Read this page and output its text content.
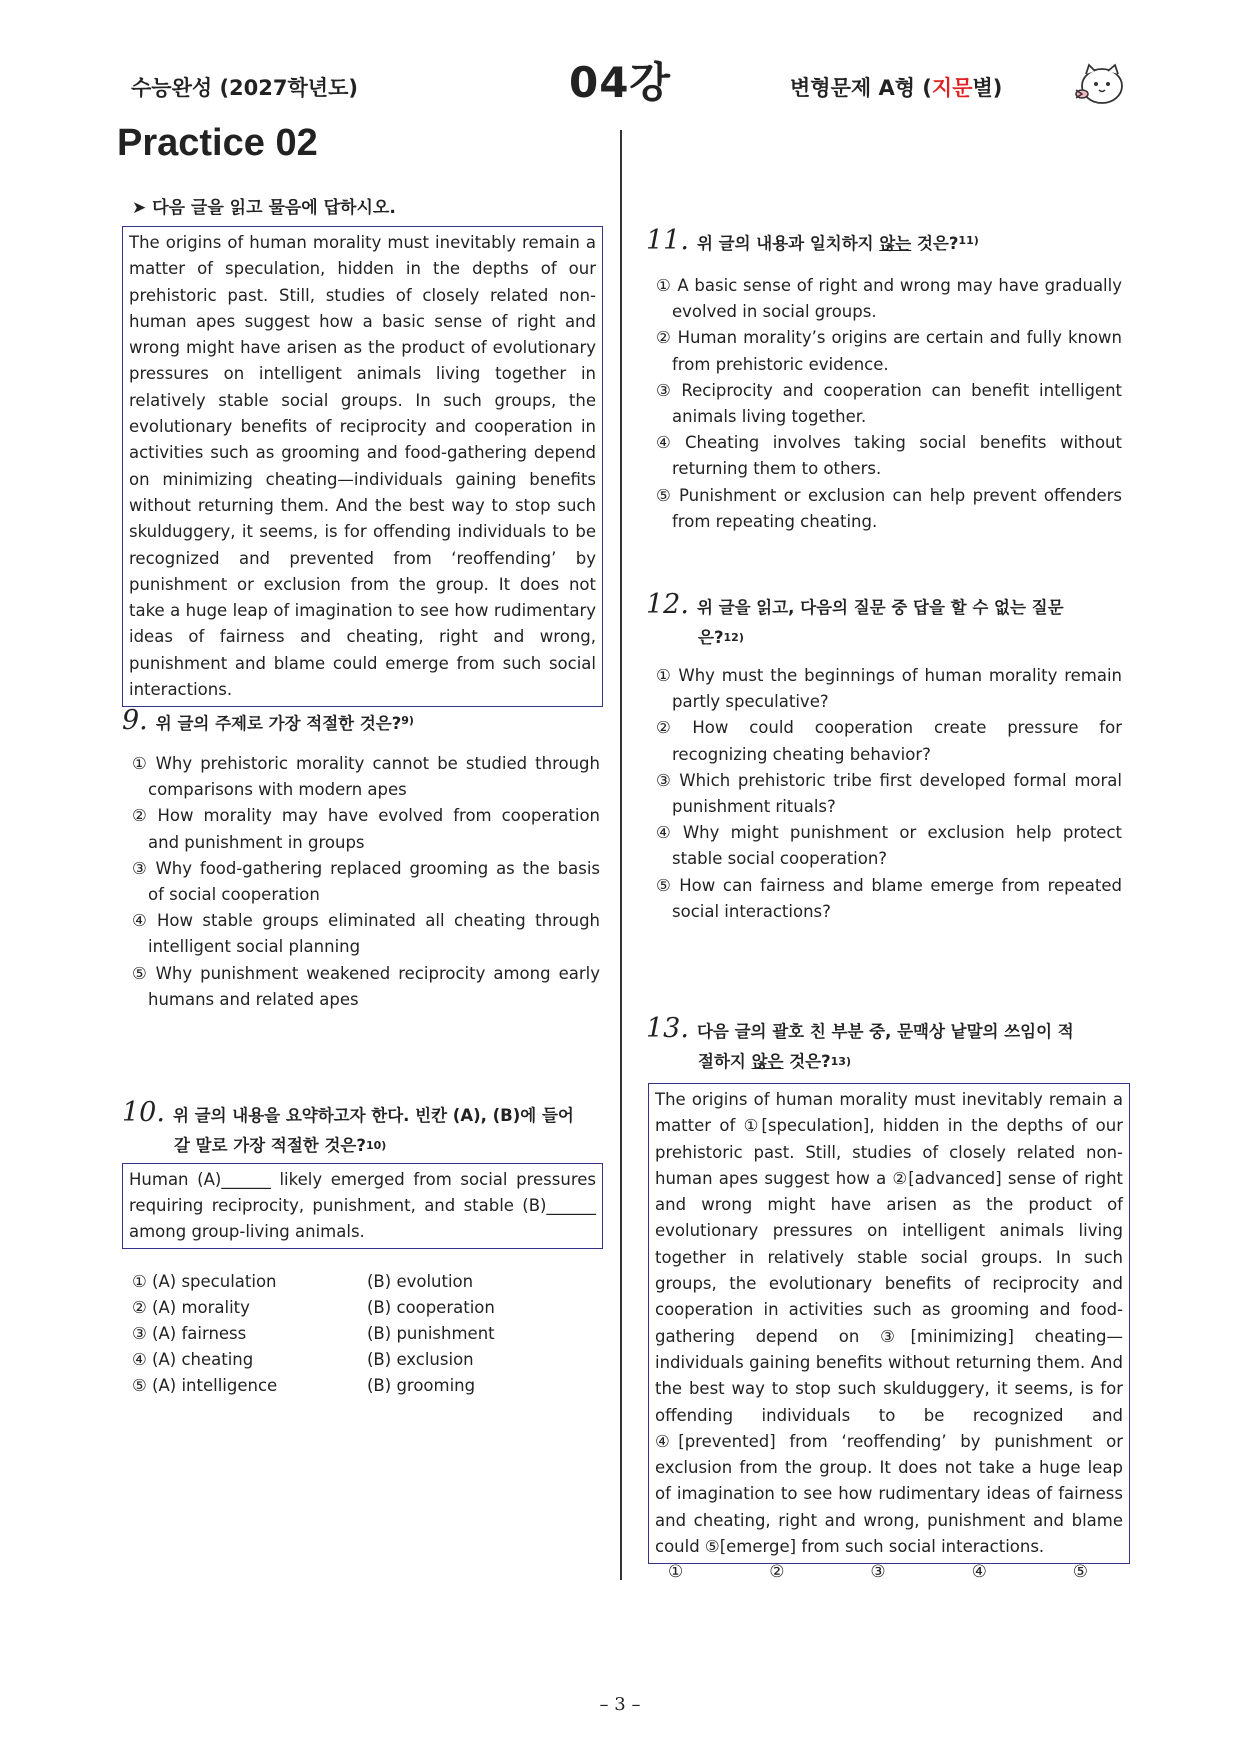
수능완성 (2027학년도)	04강	변형문제 A형 (지문별)
Practice 02
➤ 다음 글을 읽고 물음에 답하시오.
The origins of human morality must inevitably remain a matter of speculation, hidden in the depths of our prehistoric past. Still, studies of closely related non-human apes suggest how a basic sense of right and wrong might have arisen as the product of evolutionary pressures on intelligent animals living together in relatively stable social groups. In such groups, the evolutionary benefits of reciprocity and cooperation in activities such as grooming and food-gathering depend on minimizing cheating—individuals gaining benefits without returning them. And the best way to stop such skulduggery, it seems, is for offending individuals to be recognized and prevented from ‘reoffending’ by punishment or exclusion from the group. It does not take a huge leap of imagination to see how rudimentary ideas of fairness and cheating, right and wrong, punishment and blame could emerge from such social interactions.
9. 위 글의 주제로 가장 적절한 것은?$^{9)}$
① Why prehistoric morality cannot be studied through comparisons with modern apes
② How morality may have evolved from cooperation and punishment in groups
③ Why food-gathering replaced grooming as the basis of social cooperation
④ How stable groups eliminated all cheating through intelligent social planning
⑤ Why punishment weakened reciprocity among early humans and related apes
10. 위 글의 내용을 요약하고자 한다. 빈칸 (A), (B)에 들어
갈 말로 가장 적절한 것은?$^{10)}$
Human (A)______ likely emerged from social pressures requiring reciprocity, punishment, and stable (B)______ among group-living animals.
① (A) speculation	(B) evolution
② (A) morality	(B) cooperation
③ (A) fairness	(B) punishment
④ (A) cheating	(B) exclusion
⑤ (A) intelligence	(B) grooming
11. 위 글의 내용과 일치하지 않는 것은?$^{11)}$
① A basic sense of right and wrong may have gradually evolved in social groups.
② Human morality’s origins are certain and fully known from prehistoric evidence.
③ Reciprocity and cooperation can benefit intelligent animals living together.
④ Cheating involves taking social benefits without returning them to others.
⑤ Punishment or exclusion can help prevent offenders from repeating cheating.
12. 위 글을 읽고, 다음의 질문 중 답을 할 수 없는 질문
은?$^{12)}$
① Why must the beginnings of human morality remain partly speculative?
② How could cooperation create pressure for recognizing cheating behavior?
③ Which prehistoric tribe first developed formal moral punishment rituals?
④ Why might punishment or exclusion help protect stable social cooperation?
⑤ How can fairness and blame emerge from repeated social interactions?
13. 다음 글의 괄호 친 부분 중, 문맥상 낱말의 쓰임이 적
절하지 않은 것은?$^{13)}$
The origins of human morality must inevitably remain a matter of ①[speculation], hidden in the depths of our prehistoric past. Still, studies of closely related non-human apes suggest how a ②[advanced] sense of right and wrong might have arisen as the product of evolutionary pressures on intelligent animals living together in relatively stable social groups. In such groups, the evolutionary benefits of reciprocity and cooperation in activities such as grooming and food-gathering depend on ③[minimizing] cheating—individuals gaining benefits without returning them. And the best way to stop such skulduggery, it seems, is for offending individuals to be recognized and ④[prevented] from ‘reoffending’ by punishment or exclusion from the group. It does not take a huge leap of imagination to see how rudimentary ideas of fairness and cheating, right and wrong, punishment and blame could ⑤[emerge] from such social interactions.
①	②	③	④	⑤
– 3 –
